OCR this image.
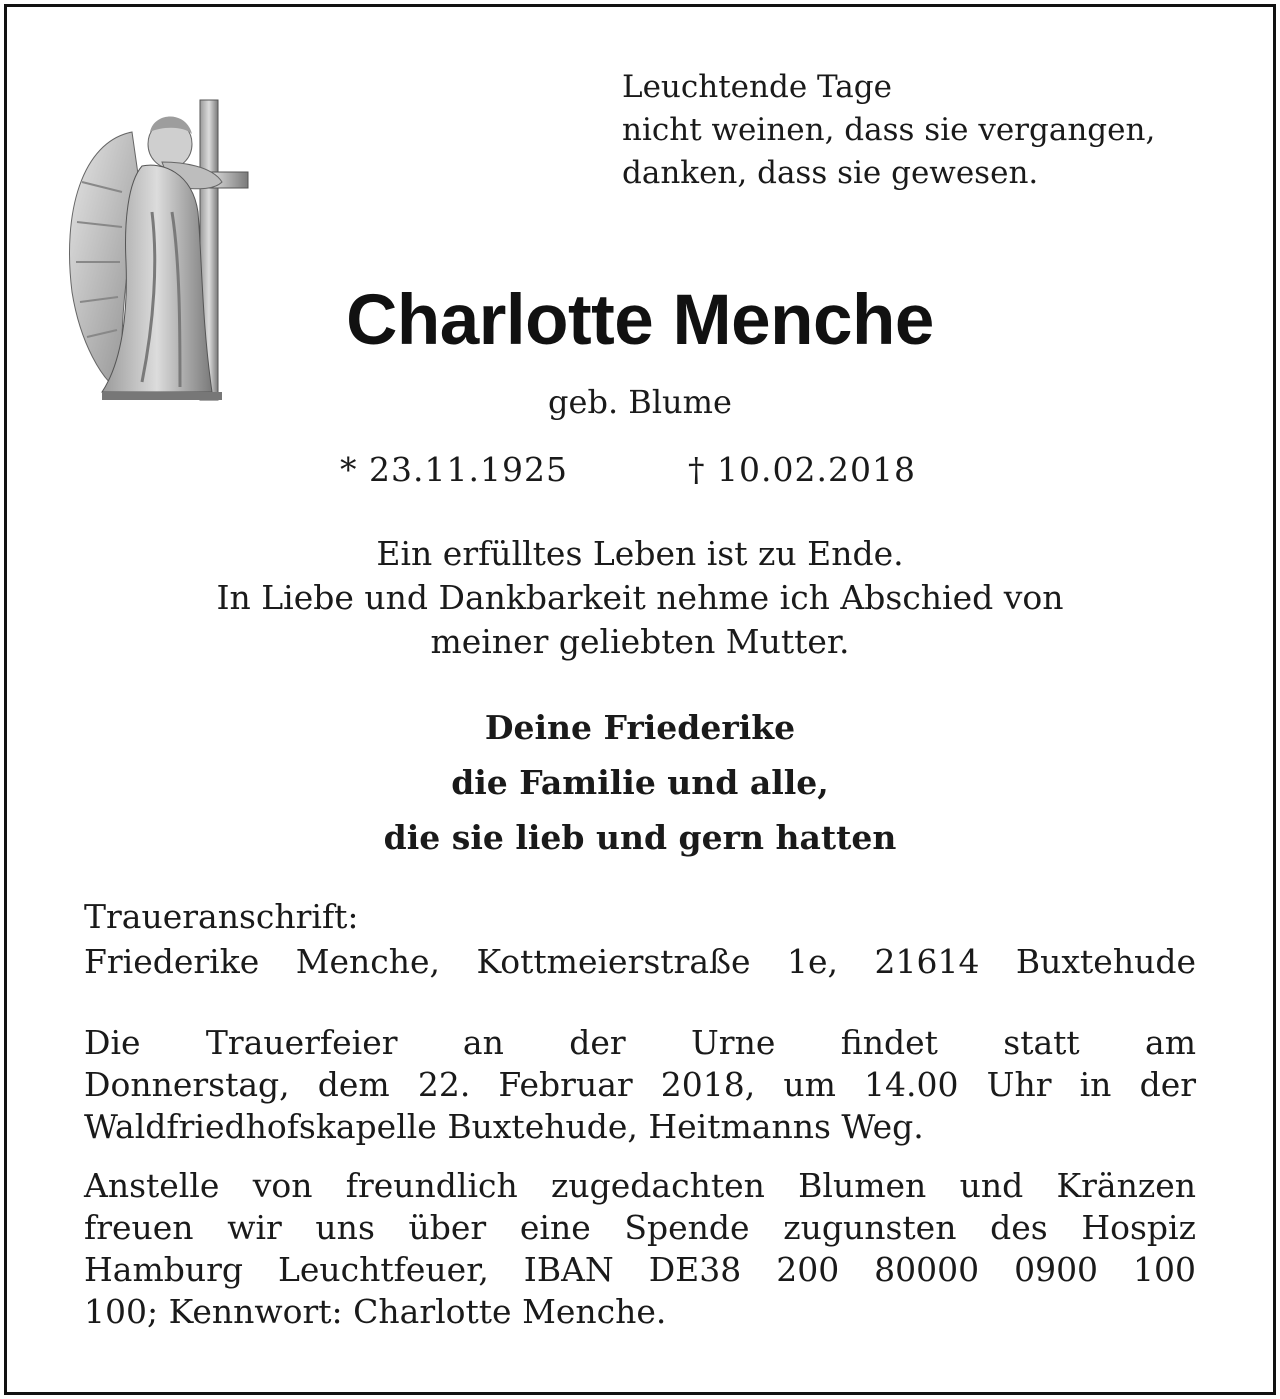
Leuchtende Tage
nicht weinen, dass sie vergangen,
danken, dass sie gewesen.
Charlotte Menche
geb. Blume
* 23.11.1925	† 10.02.2018
Ein erfülltes Leben ist zu Ende.
In Liebe und Dankbarkeit nehme ich Abschied von
meiner geliebten Mutter.
Deine Friederike
die Familie und alle,
die sie lieb und gern hatten
Traueranschrift:
Friederike Menche, Kottmeierstraße 1e, 21614 Buxtehude
Die Trauerfeier an der Urne findet statt am
Donnerstag, dem 22. Februar 2018, um 14.00 Uhr in der
Waldfriedhofskapelle Buxtehude, Heitmanns Weg.
Anstelle von freundlich zugedachten Blumen und Kränzen
freuen wir uns über eine Spende zugunsten des Hospiz
Hamburg Leuchtfeuer, IBAN DE38 200 80000 0900 100
100; Kennwort: Charlotte Menche.
